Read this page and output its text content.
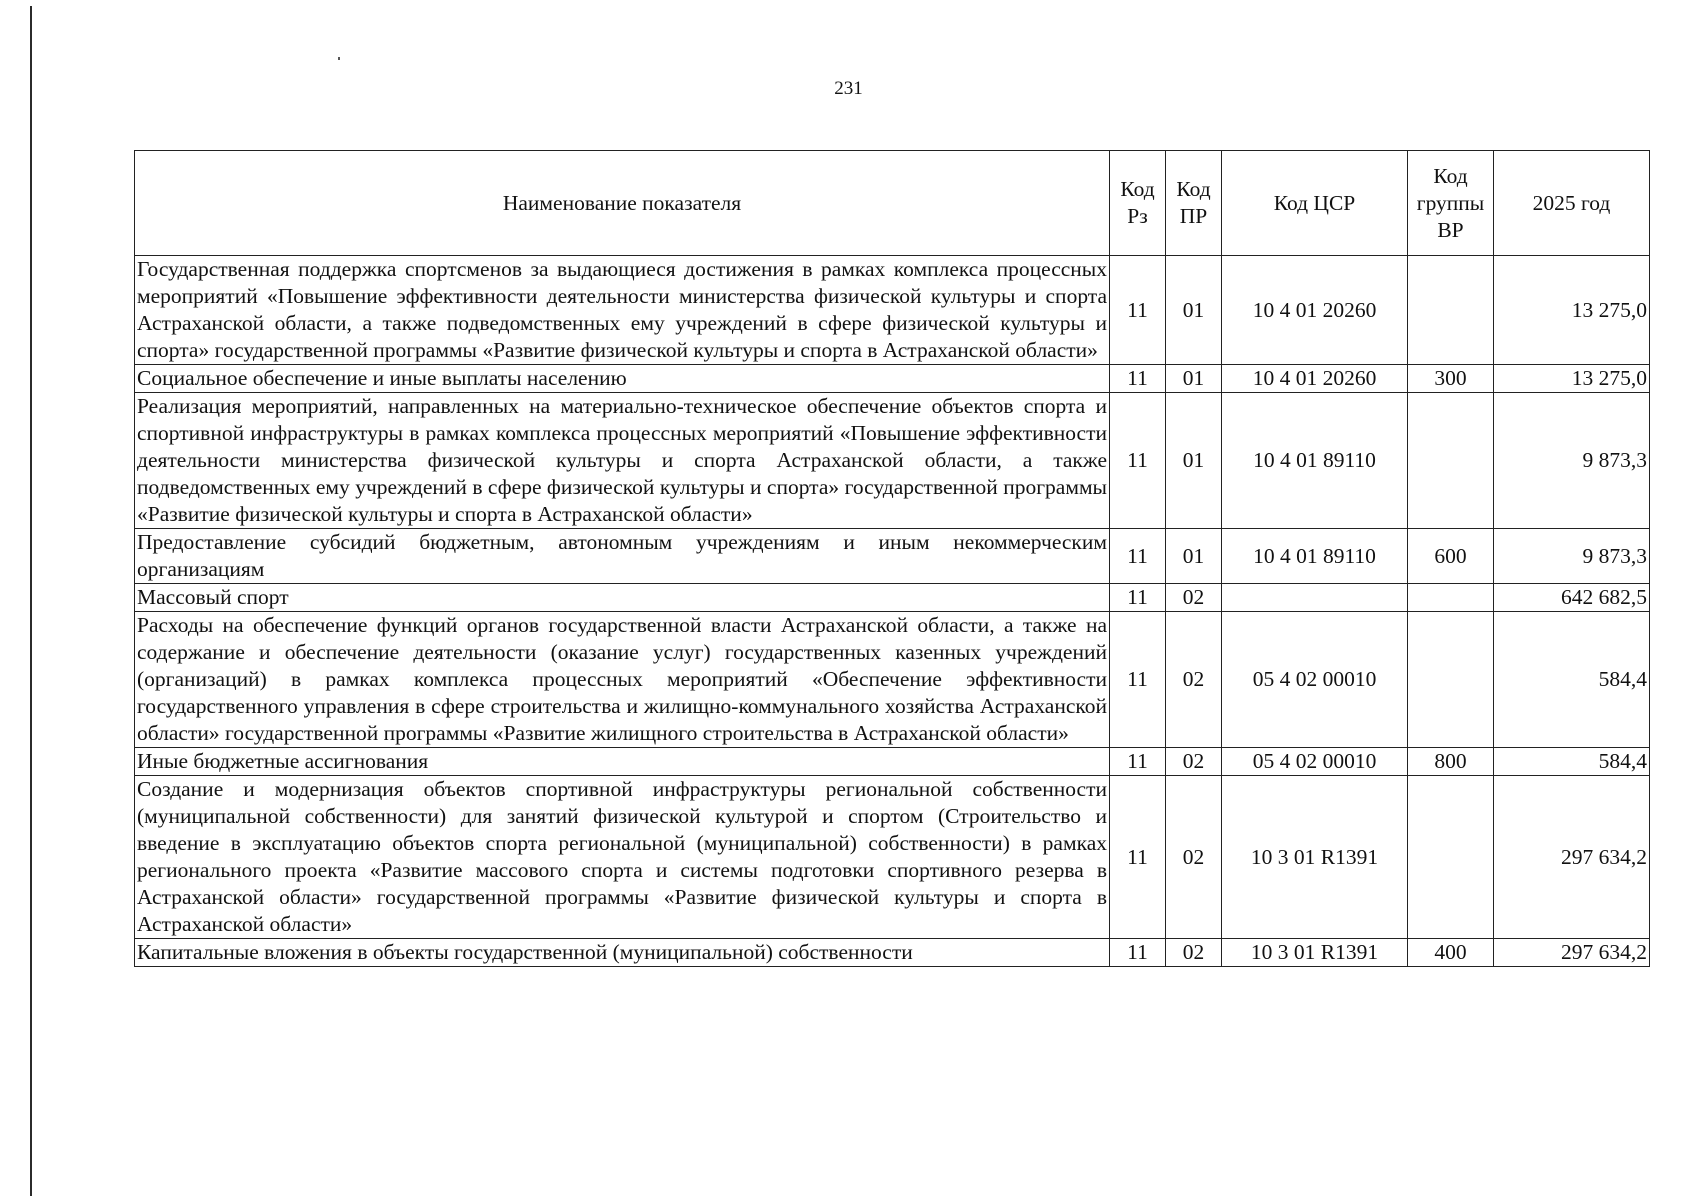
231
Наименование показателя	Код Рз	Код ПР	Код ЦСР	Код группы ВР	2025 год
Государственная поддержка спортсменов за выдающиеся достижения в рамках комплекса процессных мероприятий «Повышение эффективности деятельности министерства физической культуры и спорта Астраханской области, а также подведомственных ему учреждений в сфере физической культуры и спорта» государственной программы «Развитие физической культуры и спорта в Астраханской области»	11	01	10 4 01 20260		13 275,0
Социальное обеспечение и иные выплаты населению	11	01	10 4 01 20260	300	13 275,0
Реализация мероприятий, направленных на материально-техническое обеспечение объектов спорта и спортивной инфраструктуры в рамках комплекса процессных мероприятий «Повышение эффективности деятельности министерства физической культуры и спорта Астраханской области, а также подведомственных ему учреждений в сфере физической культуры и спорта» государственной программы «Развитие физической культуры и спорта в Астраханской области»	11	01	10 4 01 89110		9 873,3
Предоставление субсидий бюджетным, автономным учреждениям и иным некоммерческим организациям	11	01	10 4 01 89110	600	9 873,3
Массовый спорт	11	02			642 682,5
Расходы на обеспечение функций органов государственной власти Астраханской области, а также на содержание и обеспечение деятельности (оказание услуг) государственных казенных учреждений (организаций) в рамках комплекса процессных мероприятий «Обеспечение эффективности государственного управления в сфере строительства и жилищно-коммунального хозяйства Астраханской области» государственной программы «Развитие жилищного строительства в Астраханской области»	11	02	05 4 02 00010		584,4
Иные бюджетные ассигнования	11	02	05 4 02 00010	800	584,4
Создание и модернизация объектов спортивной инфраструктуры региональной собственности (муниципальной собственности) для занятий физической культурой и спортом (Строительство и введение в эксплуатацию объектов спорта региональной (муниципальной) собственности) в рамках регионального проекта «Развитие массового спорта и системы подготовки спортивного резерва в Астраханской области» государственной программы «Развитие физической культуры и спорта в Астраханской области»	11	02	10 3 01 R1391		297 634,2
Капитальные вложения в объекты государственной (муниципальной) собственности	11	02	10 3 01 R1391	400	297 634,2
